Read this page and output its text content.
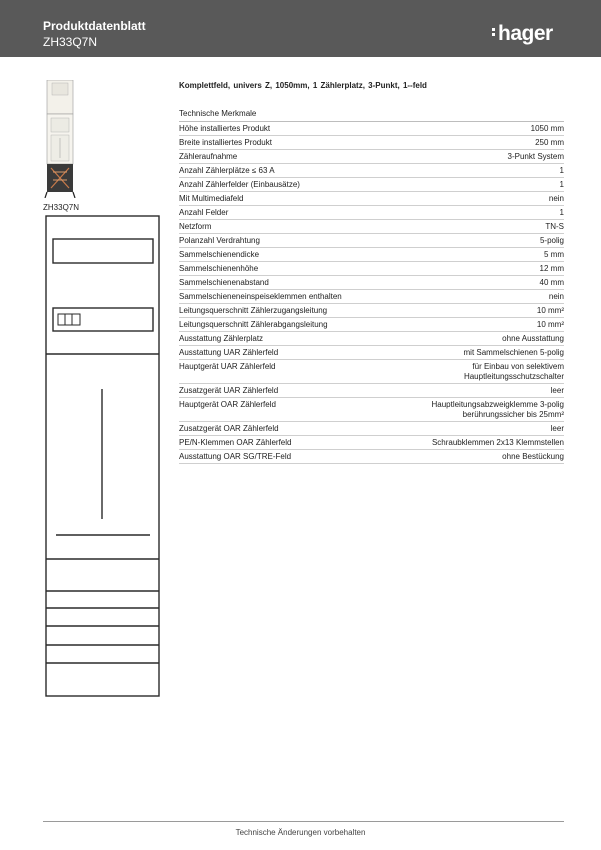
Produktdatenblatt
ZH33Q7N	hager
ZH33Q7N
Komplettfeld, univers Z, 1050mm, 1 Zählerplatz, 3-Punkt, 1--feld
Technische Merkmale
Höhe installiertes Produkt	1050 mm
Breite installiertes Produkt	250 mm
Zähleraufnahme	3-Punkt System
Anzahl Zählerplätze ≤ 63 A	1
Anzahl Zählerfelder (Einbausätze)	1
Mit Multimediafeld	nein
Anzahl Felder	1
Netzform	TN-S
Polanzahl Verdrahtung	5-polig
Sammelschienendicke	5 mm
Sammelschienenhöhe	12 mm
Sammelschienenabstand	40 mm
Sammelschieneneinspeiseklemmen enthalten	nein
Leitungsquerschnitt Zählerzugangsleitung	10 mm²
Leitungsquerschnitt Zählerabgangsleitung	10 mm²
Ausstattung Zählerplatz	ohne Ausstattung
Ausstattung UAR Zählerfeld	mit Sammelschienen 5-polig
Hauptgerät UAR Zählerfeld	für Einbau von selektivem
Hauptleitungsschutzschalter
Zusatzgerät UAR Zählerfeld	leer
Hauptgerät OAR Zählerfeld	Hauptleitungsabzweigklemme 3-polig
berührungssicher bis 25mm²
Zusatzgerät OAR Zählerfeld	leer
PE/N-Klemmen OAR Zählerfeld	Schraubklemmen 2x13 Klemmstellen
Ausstattung OAR SG/TRE-Feld	ohne Bestückung
Technische Änderungen vorbehalten
